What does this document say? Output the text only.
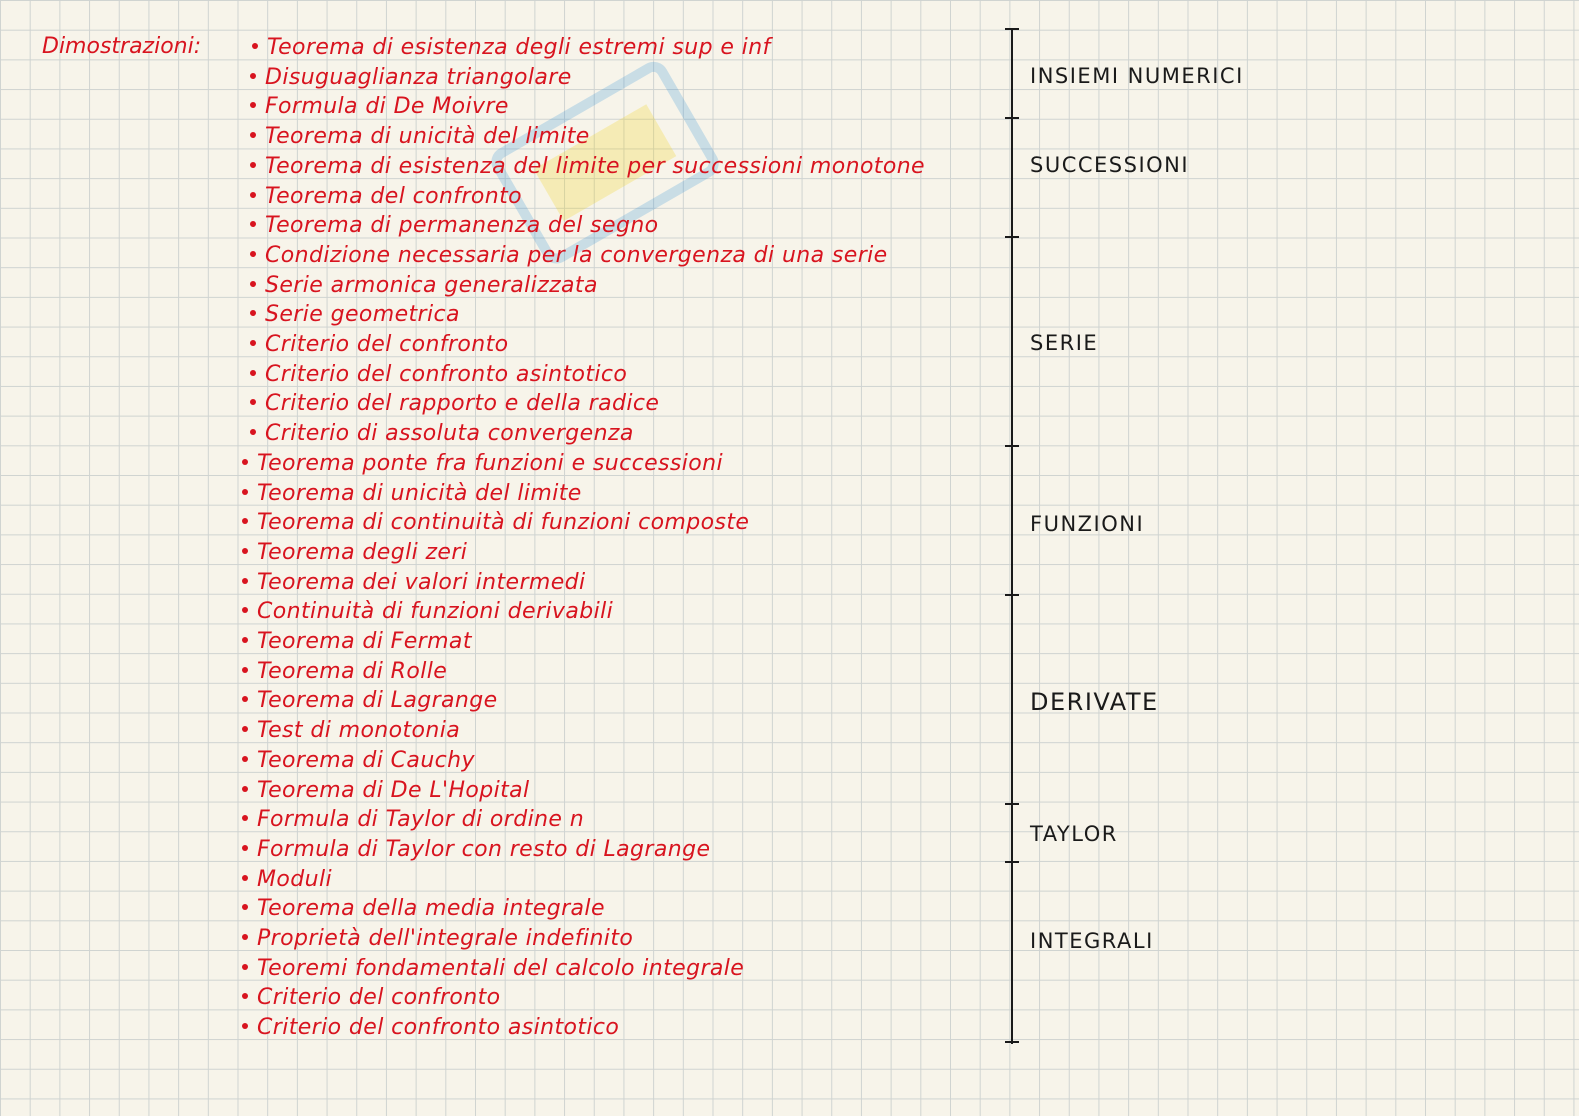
Dimostrazioni:	Teorema di esistenza degli estremi sup e inf
Disuguaglianza triangolare
Formula di De Moivre
Teorema di unicità del limite
Teorema di esistenza del limite per successioni monotone
Teorema del confronto
Teorema di permanenza del segno
Condizione necessaria per la convergenza di una serie
Serie armonica generalizzata
Serie geometrica
Criterio del confronto
Criterio del confronto asintotico
Criterio del rapporto e della radice
Criterio di assoluta convergenza
Teorema ponte fra funzioni e successioni
Teorema di unicità del limite
Teorema di continuità di funzioni composte
Teorema degli zeri
Teorema dei valori intermedi
Continuità di funzioni derivabili
Teorema di Fermat
Teorema di Rolle
Teorema di Lagrange
Test di monotonia
Teorema di Cauchy
Teorema di De L'Hopital
Formula di Taylor di ordine n
Formula di Taylor con resto di Lagrange
Moduli
Teorema della media integrale
Proprietà dell'integrale indefinito
Teoremi fondamentali del calcolo integrale
Criterio del confronto
Criterio del confronto asintotico
INSIEMI NUMERICI
SUCCESSIONI
SERIE
FUNZIONI
DERIVATE
TAYLOR
INTEGRALI
